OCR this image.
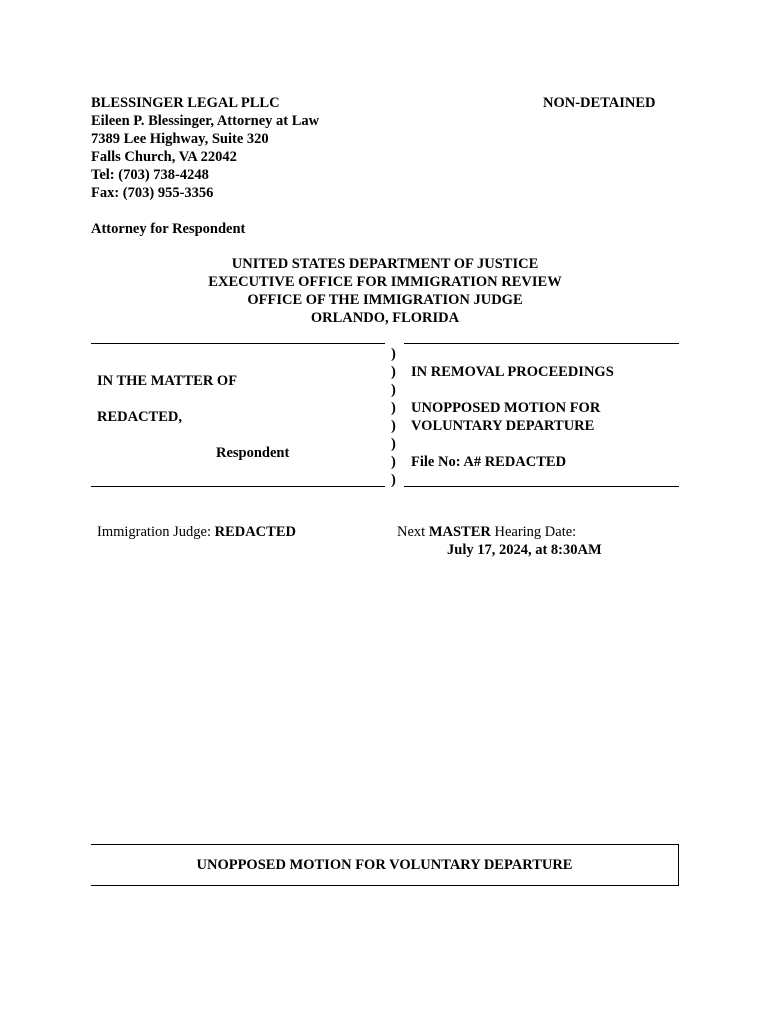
BLESSINGER LEGAL PLLC
Eileen P. Blessinger, Attorney at Law
7389 Lee Highway, Suite 320
Falls Church, VA 22042
Tel: (703) 738-4248
Fax: (703) 955-3356
NON-DETAINED
Attorney for Respondent
UNITED STATES DEPARTMENT OF JUSTICE
EXECUTIVE OFFICE FOR IMMIGRATION REVIEW
OFFICE OF THE IMMIGRATION JUDGE
ORLANDO, FLORIDA
)
)
)
)
)
)
)
)
IN THE MATTER OF
REDACTED,
Respondent
IN REMOVAL PROCEEDINGS
UNOPPOSED MOTION FOR
VOLUNTARY DEPARTURE
File No: A# REDACTED
Immigration Judge: REDACTED	Next MASTER Hearing Date:
July 17, 2024, at 8:30AM
UNOPPOSED MOTION FOR VOLUNTARY DEPARTURE
